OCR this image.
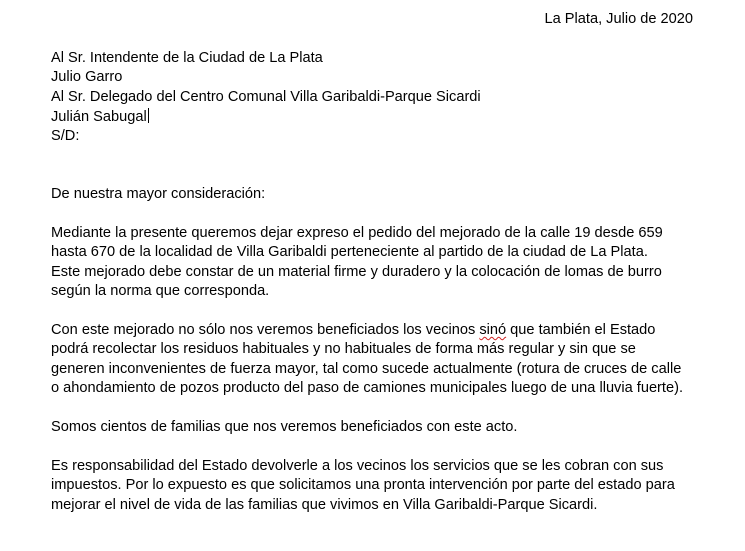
La Plata, Julio de 2020
Al Sr. Intendente de la Ciudad de La Plata
Julio Garro
Al Sr. Delegado del Centro Comunal Villa Garibaldi-Parque Sicardi
Julián Sabugal
S/D:
De nuestra mayor consideración:
Mediante la presente queremos dejar expreso el pedido del mejorado de la calle 19 desde 659
hasta 670 de la localidad de Villa Garibaldi perteneciente al partido de la ciudad de La Plata.
Este mejorado debe constar de un material firme y duradero y la colocación de lomas de burro
según la norma que corresponda.
Con este mejorado no sólo nos veremos beneficiados los vecinos sinó que también el Estado
podrá recolectar los residuos habituales y no habituales de forma más regular y sin que se
generen inconvenientes de fuerza mayor, tal como sucede actualmente (rotura de cruces de calle
o ahondamiento de pozos producto del paso de camiones municipales luego de una lluvia fuerte).
Somos cientos de familias que nos veremos beneficiados con este acto.
Es responsabilidad del Estado devolverle a los vecinos los servicios que se les cobran con sus
impuestos. Por lo expuesto es que solicitamos una pronta intervención por parte del estado para
mejorar el nivel de vida de las familias que vivimos en Villa Garibaldi-Parque Sicardi.
